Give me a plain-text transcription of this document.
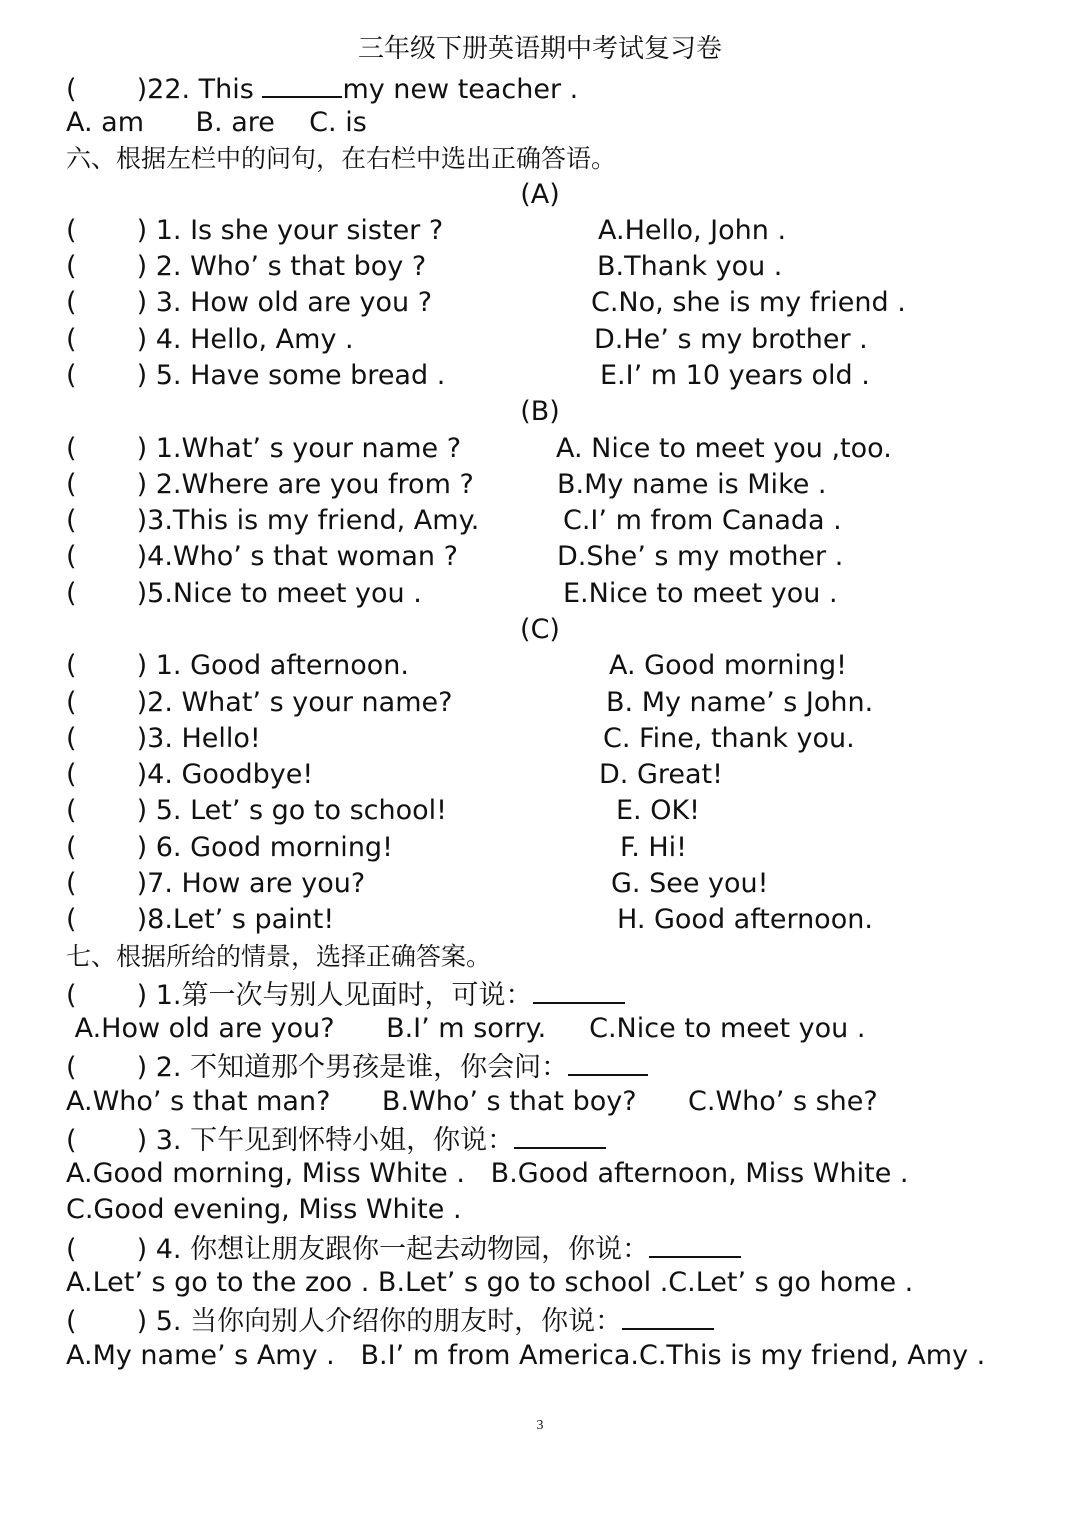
三年级下册英语期中考试复习卷
(       )22. This	my new teacher .
A. am      B. are    C. is
六、根据左栏中的问句，在右栏中选出正确答语。
(A)
(       ) 1. Is she your sister ?	A.Hello, John .
(       ) 2. Who’ s that boy ?	B.Thank you .
(       ) 3. How old are you ?	C.No, she is my friend .
(       ) 4. Hello, Amy .	D.He’ s my brother .
(       ) 5. Have some bread .	E.I’ m 10 years old .
(B)
(       ) 1.What’ s your name ?	A. Nice to meet you ,too.
(       ) 2.Where are you from ?	B.My name is Mike .
(       )3.This is my friend, Amy.	C.I’ m from Canada .
(       )4.Who’ s that woman ?	D.She’ s my mother .
(       )5.Nice to meet you .	E.Nice to meet you .
(C)
(       ) 1. Good afternoon.	A. Good morning!
(       )2. What’ s your name?	B. My name’ s John.
(       )3. Hello!	C. Fine, thank you.
(       )4. Goodbye!	D. Great!
(       ) 5. Let’ s go to school!	E. OK!
(       ) 6. Good morning!	F. Hi!
(       )7. How are you?	G. See you!
(       )8.Let’ s paint!	H. Good afternoon.
七、根据所给的情景，选择正确答案。
(       ) 1.第一次与别人见面时，可说：
A.How old are you?      B.I’ m sorry.     C.Nice to meet you .
(       ) 2. 不知道那个男孩是谁，你会问：
A.Who’ s that man?      B.Who’ s that boy?      C.Who’ s she?
(       ) 3. 下午见到怀特小姐，你说：
A.Good morning, Miss White .   B.Good afternoon, Miss White .
C.Good evening, Miss White .
(       ) 4. 你想让朋友跟你一起去动物园，你说：
A.Let’ s go to the zoo . B.Let’ s go to school .C.Let’ s go home .
(       ) 5. 当你向别人介绍你的朋友时，你说：
A.My name’ s Amy .   B.I’ m from America.C.This is my friend, Amy .
3
